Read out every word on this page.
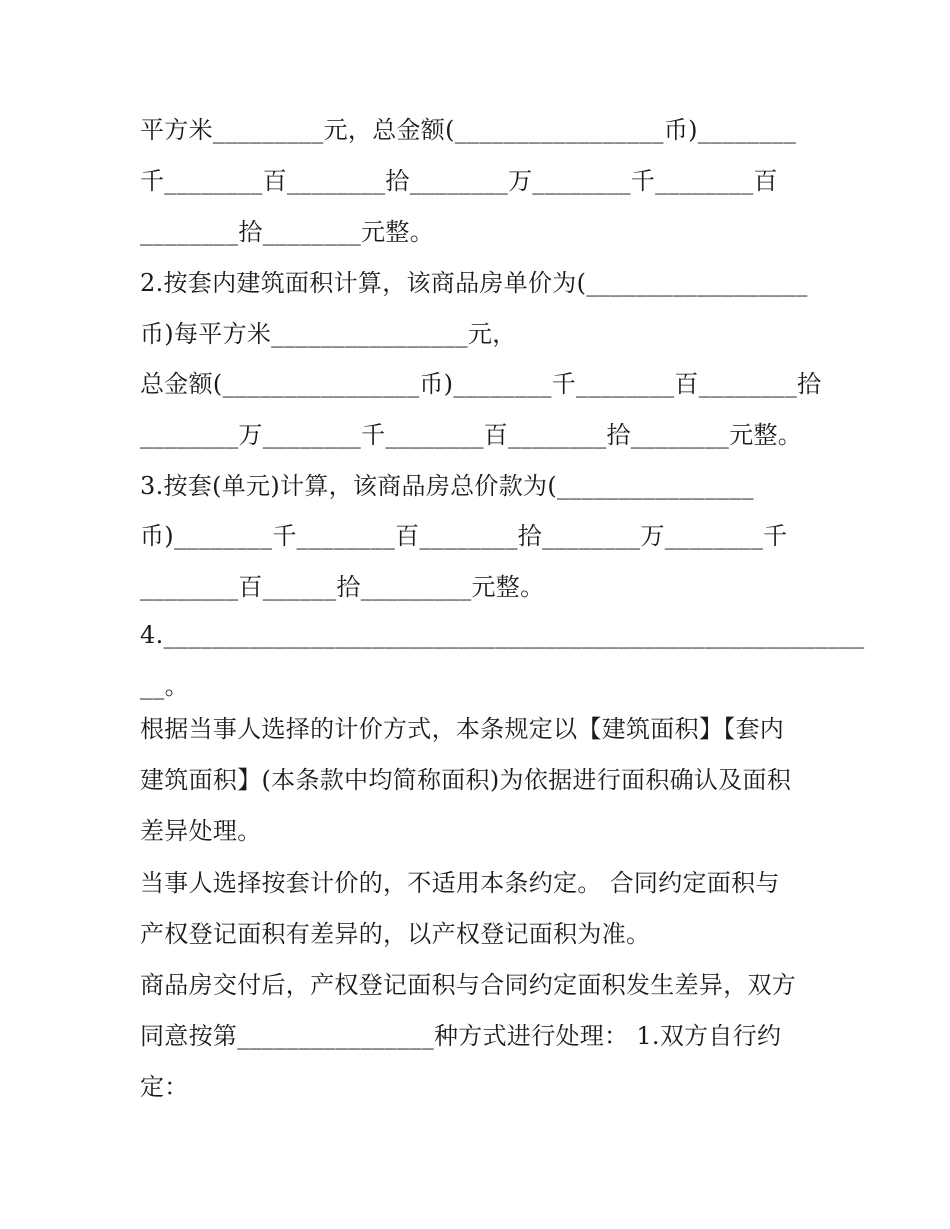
平方米_________元，总金额(_________________币)________
千________百________拾________万________千________百
________拾________元整。
2.按套内建筑面积计算，该商品房单价为(__________________
币)每平方米________________元，
总金额(________________币)________千________百________拾
________万________千________百________拾________元整。
3.按套(单元)计算，该商品房总价款为(________________
币)________千________百________拾________万________千
________百______拾_________元整。
4._________________________________________________________
__。
根据当事人选择的计价方式，本条规定以【建筑面积】【套内
建筑面积】(本条款中均简称面积)为依据进行面积确认及面积
差异处理。
当事人选择按套计价的，不适用本条约定。 合同约定面积与
产权登记面积有差异的，以产权登记面积为准。
商品房交付后，产权登记面积与合同约定面积发生差异，双方
同意按第________________种方式进行处理： 1.双方自行约
定：
